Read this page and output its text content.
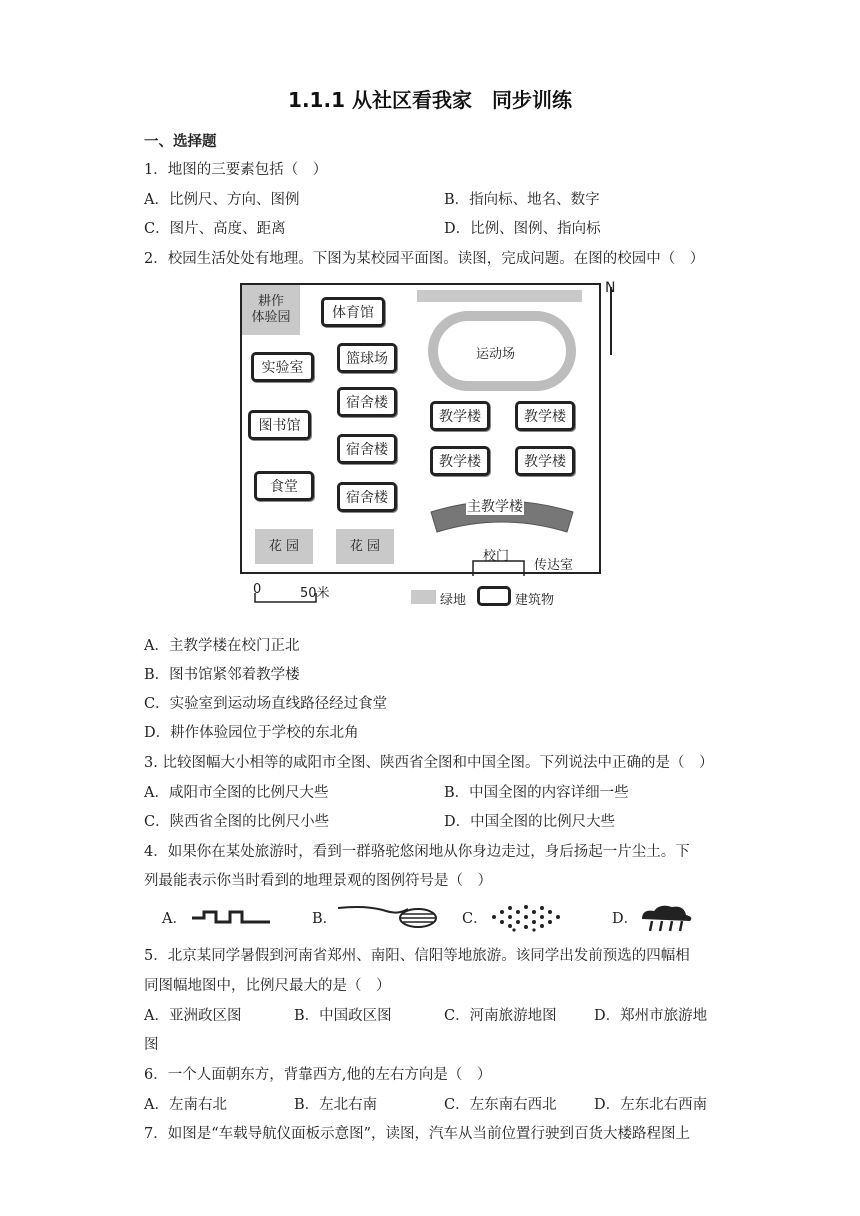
1.1.1 从社区看我家　同步训练
一、选择题
1．地图的三要素包括（　）
A．比例尺、方向、图例	B．指向标、地名、数字
C．图片、高度、距离	D．比例、图例、指向标
2．校园生活处处有地理。下图为某校园平面图。读图，完成问题。在图的校园中（　）
耕作
体验园	体育馆
篮球场
实验室
宿舍楼
图书馆
宿舍楼
食堂
宿舍楼
花 园	花 园
N
运动场
教学楼	教学楼
教学楼	教学楼
主教学楼
校门
传达室
0	50米	绿地	建筑物
A．主教学楼在校门正北
B．图书馆紧邻着教学楼
C．实验室到运动场直线路径经过食堂
D．耕作体验园位于学校的东北角
3. 比较图幅大小相等的咸阳市全图、陕西省全图和中国全图。下列说法中正确的是（　）
A．咸阳市全图的比例尺大些	B．中国全图的内容详细一些
C．陕西省全图的比例尺小些	D．中国全图的比例尺大些
4．如果你在某处旅游时，看到一群骆驼悠闲地从你身边走过，身后扬起一片尘土。下
列最能表示你当时看到的地理景观的图例符号是（　）
A．	B．	C．	D．
5．北京某同学暑假到河南省郑州、南阳、信阳等地旅游。该同学出发前预选的四幅相
同图幅地图中，比例尺最大的是（　）
A．亚洲政区图	B．中国政区图	C．河南旅游地图	D．郑州市旅游地
图
6．一个人面朝东方，背靠西方,他的左右方向是（　）
A．左南右北	B．左北右南	C．左东南右西北	D．左东北右西南
7．如图是“车载导航仪面板示意图”，读图，汽车从当前位置行驶到百货大楼路程图上
